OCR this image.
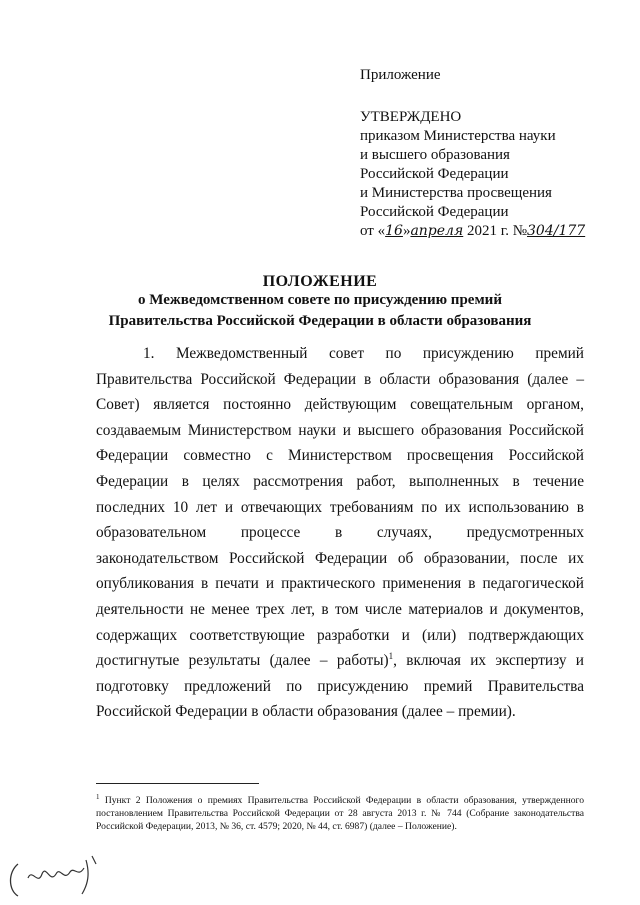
Приложение
УТВЕРЖДЕНО
приказом Министерства науки
и высшего образования
Российской Федерации
и Министерства просвещения
Российской Федерации
от «16»апреля 2021 г. №304/177
ПОЛОЖЕНИЕ
о Межведомственном совете по присуждению премий
Правительства Российской Федерации в области образования
1. Межведомственный совет по присуждению премий Правительства Российской Федерации в области образования (далее – Совет) является постоянно действующим совещательным органом, создаваемым Министерством науки и высшего образования Российской Федерации совместно с Министерством просвещения Российской Федерации в целях рассмотрения работ, выполненных в течение последних 10 лет и отвечающих требованиям по их использованию в образовательном процессе в случаях, предусмотренных законодательством Российской Федерации об образовании, после их опубликования в печати и практического применения в педагогической деятельности не менее трех лет, в том числе материалов и документов, содержащих соответствующие разработки и (или) подтверждающих достигнутые результаты (далее – работы)$^1$, включая их экспертизу и подготовку предложений по присуждению премий Правительства Российской Федерации в области образования (далее – премии).
$^1$ Пункт 2 Положения о премиях Правительства Российской Федерации в области образования, утвержденного постановлением Правительства Российской Федерации от 28 августа 2013 г. № 744 (Собрание законодательства Российской Федерации, 2013, № 36, ст. 4579; 2020, № 44, ст. 6987) (далее – Положение).
